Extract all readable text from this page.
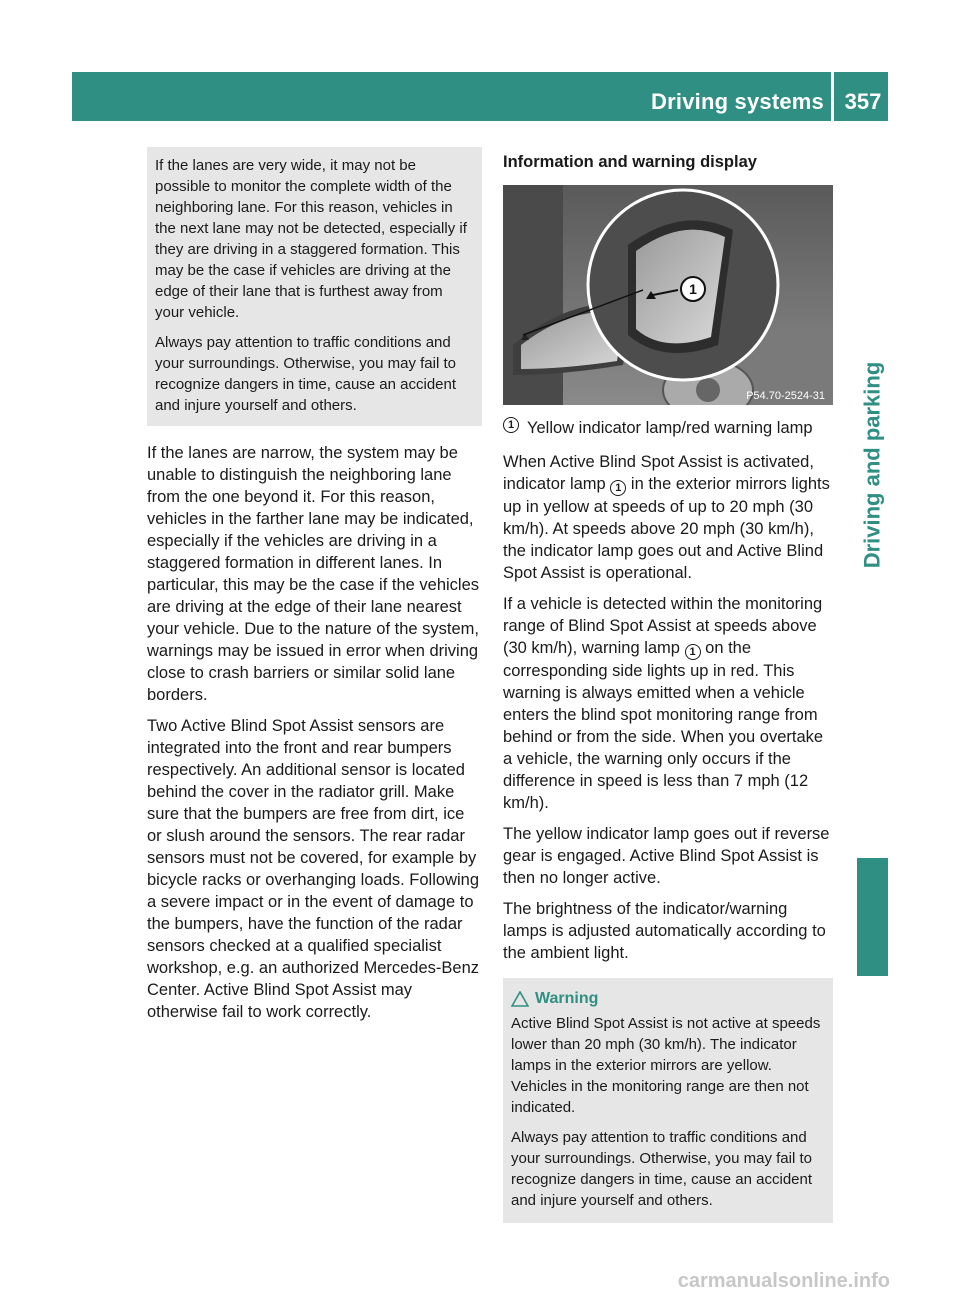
Driving systems 357
Driving and parking

If the lanes are very wide, it may not be possible to monitor the complete width of the neighboring lane. For this reason, vehicles in the next lane may not be detected, especially if they are driving in a staggered formation. This may be the case if vehicles are driving at the edge of their lane that is furthest away from your vehicle.

Always pay attention to traffic conditions and your surroundings. Otherwise, you may fail to recognize dangers in time, cause an accident and injure yourself and others.

If the lanes are narrow, the system may be unable to distinguish the neighboring lane from the one beyond it. For this reason, vehicles in the farther lane may be indicated, especially if the vehicles are driving in a staggered formation in different lanes. In particular, this may be the case if the vehicles are driving at the edge of their lane nearest your vehicle. Due to the nature of the system, warnings may be issued in error when driving close to crash barriers or similar solid lane borders.

Two Active Blind Spot Assist sensors are integrated into the front and rear bumpers respectively. An additional sensor is located behind the cover in the radiator grill. Make sure that the bumpers are free from dirt, ice or slush around the sensors. The rear radar sensors must not be covered, for example by bicycle racks or overhanging loads. Following a severe impact or in the event of damage to the bumpers, have the function of the radar sensors checked at a qualified specialist workshop, e.g. an authorized Mercedes-Benz Center. Active Blind Spot Assist may otherwise fail to work correctly.

Information and warning display
1
P54.70-2524-31
1 Yellow indicator lamp/red warning lamp

When Active Blind Spot Assist is activated, indicator lamp 1 in the exterior mirrors lights up in yellow at speeds of up to 20 mph (30 km/h). At speeds above 20 mph (30 km/h), the indicator lamp goes out and Active Blind Spot Assist is operational.

If a vehicle is detected within the monitoring range of Blind Spot Assist at speeds above (30 km/h), warning lamp 1 on the corresponding side lights up in red. This warning is always emitted when a vehicle enters the blind spot monitoring range from behind or from the side. When you overtake a vehicle, the warning only occurs if the difference in speed is less than 7 mph (12 km/h).

The yellow indicator lamp goes out if reverse gear is engaged. Active Blind Spot Assist is then no longer active.

The brightness of the indicator/warning lamps is adjusted automatically according to the ambient light.

Warning

Active Blind Spot Assist is not active at speeds lower than 20 mph (30 km/h). The indicator lamps in the exterior mirrors are yellow. Vehicles in the monitoring range are then not indicated.

Always pay attention to traffic conditions and your surroundings. Otherwise, you may fail to recognize dangers in time, cause an accident and injure yourself and others.

carmanualsonline.info
